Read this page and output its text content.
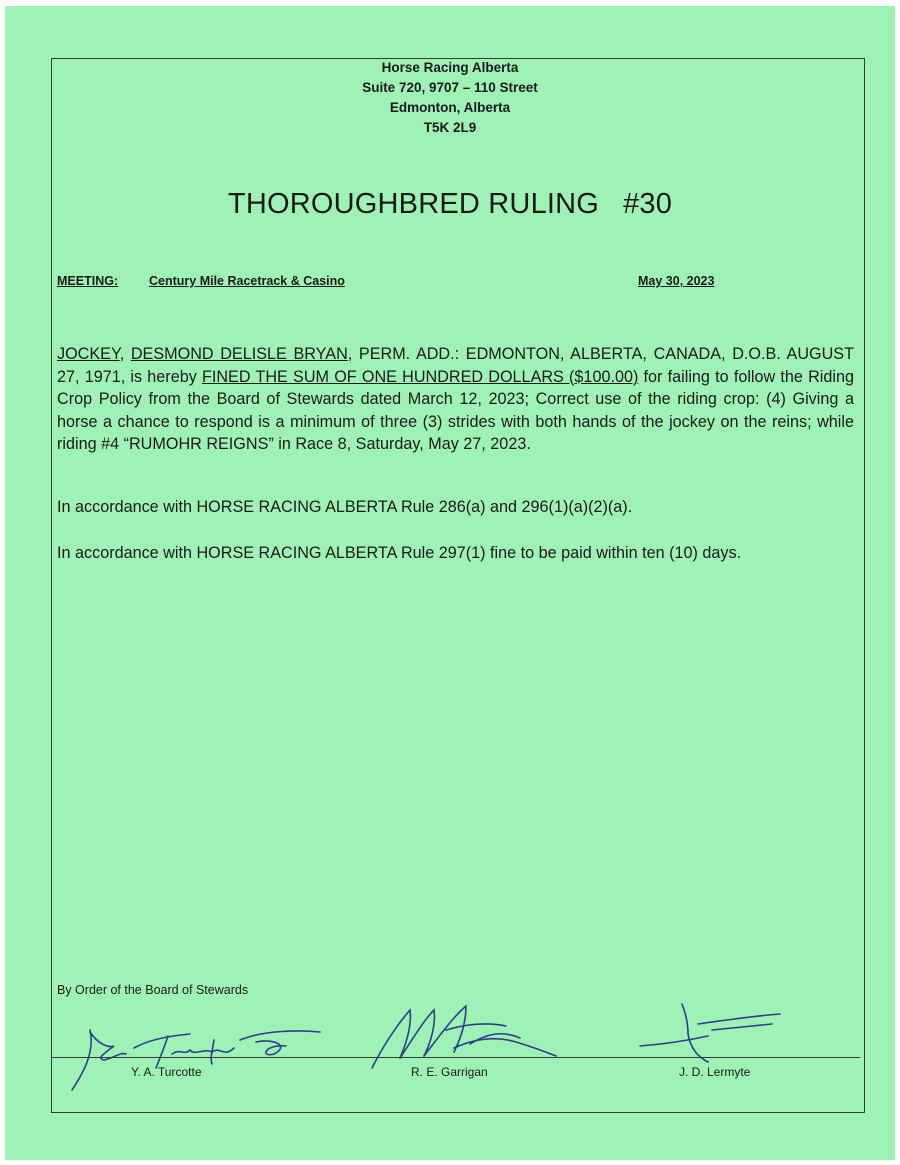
Horse Racing Alberta
Suite 720, 9707 – 110 Street
Edmonton, Alberta
T5K 2L9
THOROUGHBRED RULING #30
MEETING: Century Mile Racetrack & Casino	May 30, 2023
JOCKEY, DESMOND DELISLE BRYAN, PERM. ADD.: EDMONTON, ALBERTA, CANADA, D.O.B. AUGUST 27, 1971, is hereby FINED THE SUM OF ONE HUNDRED DOLLARS ($100.00) for failing to follow the Riding Crop Policy from the Board of Stewards dated March 12, 2023; Correct use of the riding crop: (4) Giving a horse a chance to respond is a minimum of three (3) strides with both hands of the jockey on the reins; while riding #4 “RUMOHR REIGNS” in Race 8, Saturday, May 27, 2023.
In accordance with HORSE RACING ALBERTA Rule 286(a) and 296(1)(a)(2)(a).
In accordance with HORSE RACING ALBERTA Rule 297(1) fine to be paid within ten (10) days.
By Order of the Board of Stewards
Y. A. Turcotte	R. E. Garrigan	J. D. Lermyte
